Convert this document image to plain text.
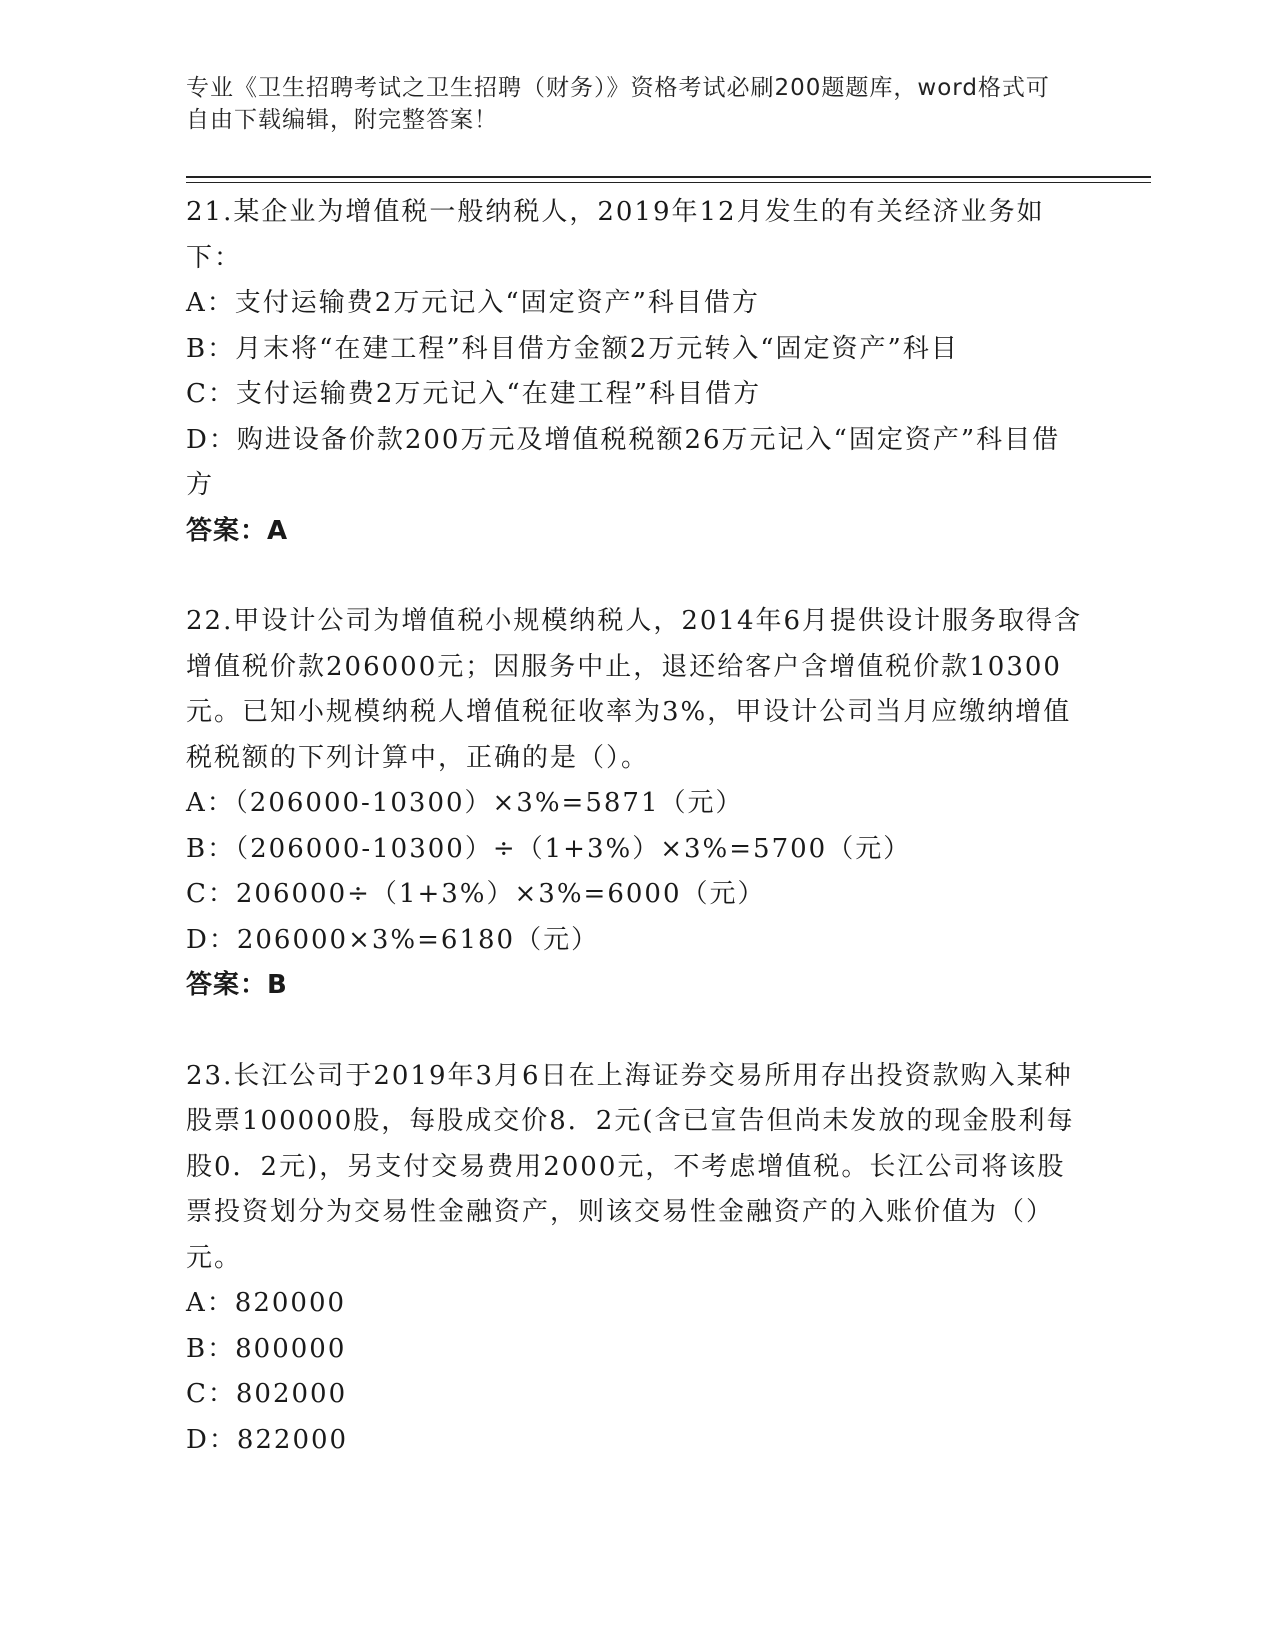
专业《卫生招聘考试之卫生招聘（财务）》资格考试必刷200题题库，word格式可自由下载编辑，附完整答案！
21.某企业为增值税一般纳税人，2019年12月发生的有关经济业务如下：
A：支付运输费2万元记入“固定资产”科目借方
B：月末将“在建工程”科目借方金额2万元转入“固定资产”科目
C：支付运输费2万元记入“在建工程”科目借方
D：购进设备价款200万元及增值税税额26万元记入“固定资产”科目借方
答案：A
22.甲设计公司为增值税小规模纳税人，2014年6月提供设计服务取得含增值税价款206000元；因服务中止，退还给客户含增值税价款10300元。已知小规模纳税人增值税征收率为3%，甲设计公司当月应缴纳增值税税额的下列计算中，正确的是（）。
A：（206000-10300）×3%=5871（元）
B：（206000-10300）÷（1+3%）×3%=5700（元）
C：206000÷（1+3%）×3%=6000（元）
D：206000×3%=6180（元）
答案：B
23.长江公司于2019年3月6日在上海证券交易所用存出投资款购入某种股票100000股，每股成交价8．2元(含已宣告但尚未发放的现金股利每股0．2元)，另支付交易费用2000元，不考虑增值税。长江公司将该股票投资划分为交易性金融资产，则该交易性金融资产的入账价值为（）元。
A：820000
B：800000
C：802000
D：822000
